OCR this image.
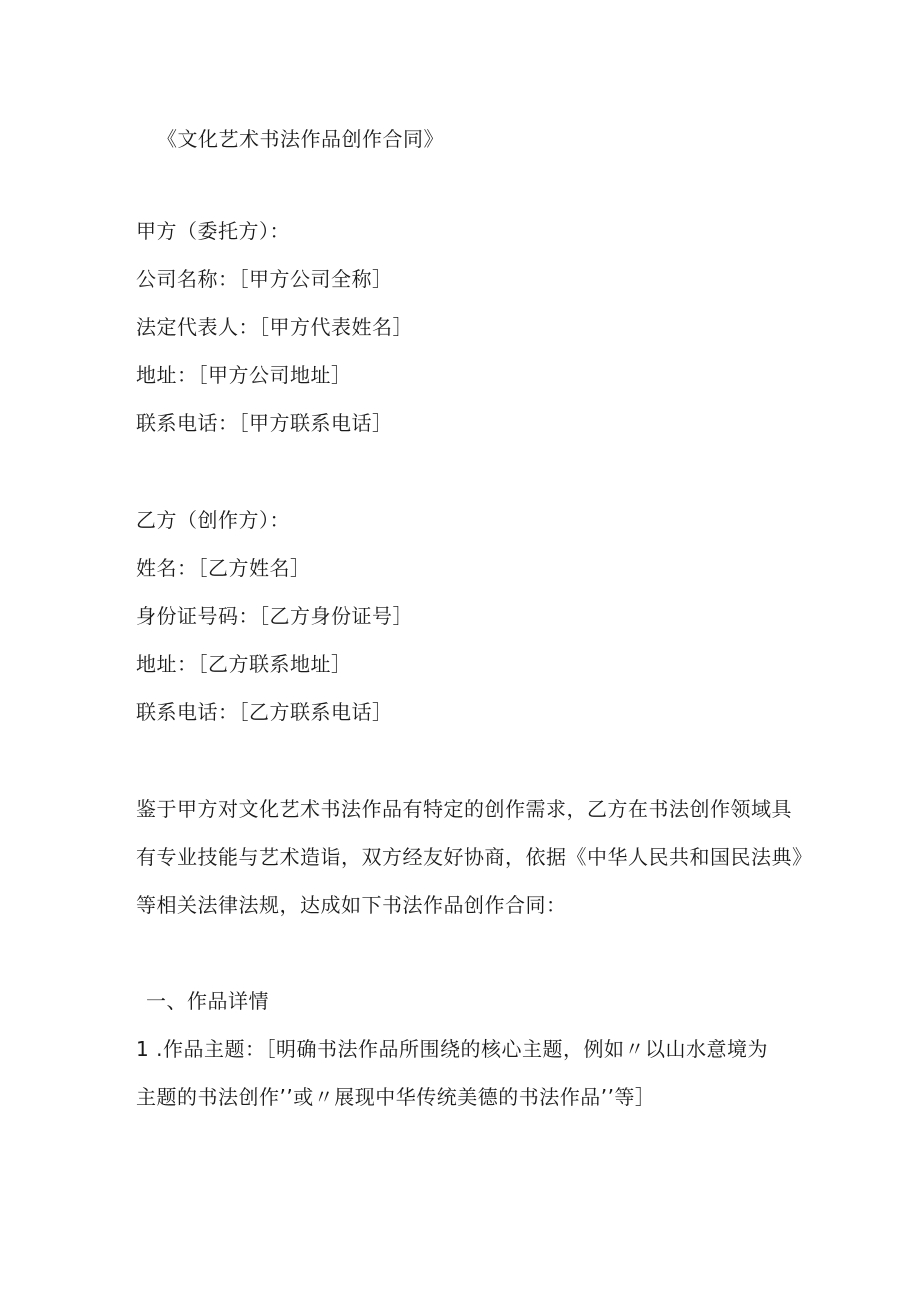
《文化艺术书法作品创作合同》
甲方（委托方）：
公司名称：［甲方公司全称］
法定代表人：［甲方代表姓名］
地址：［甲方公司地址］
联系电话：［甲方联系电话］
乙方（创作方）：
姓名：［乙方姓名］
身份证号码：［乙方身份证号］
地址：［乙方联系地址］
联系电话：［乙方联系电话］
鉴于甲方对文化艺术书法作品有特定的创作需求，乙方在书法创作领域具
有专业技能与艺术造诣，双方经友好协商，依据《中华人民共和国民法典》
等相关法律法规，达成如下书法作品创作合同：
一、作品详情
1 .作品主题：［明确书法作品所围绕的核心主题，例如〃以山水意境为
主题的书法创作’’或〃展现中华传统美德的书法作品’’等］
